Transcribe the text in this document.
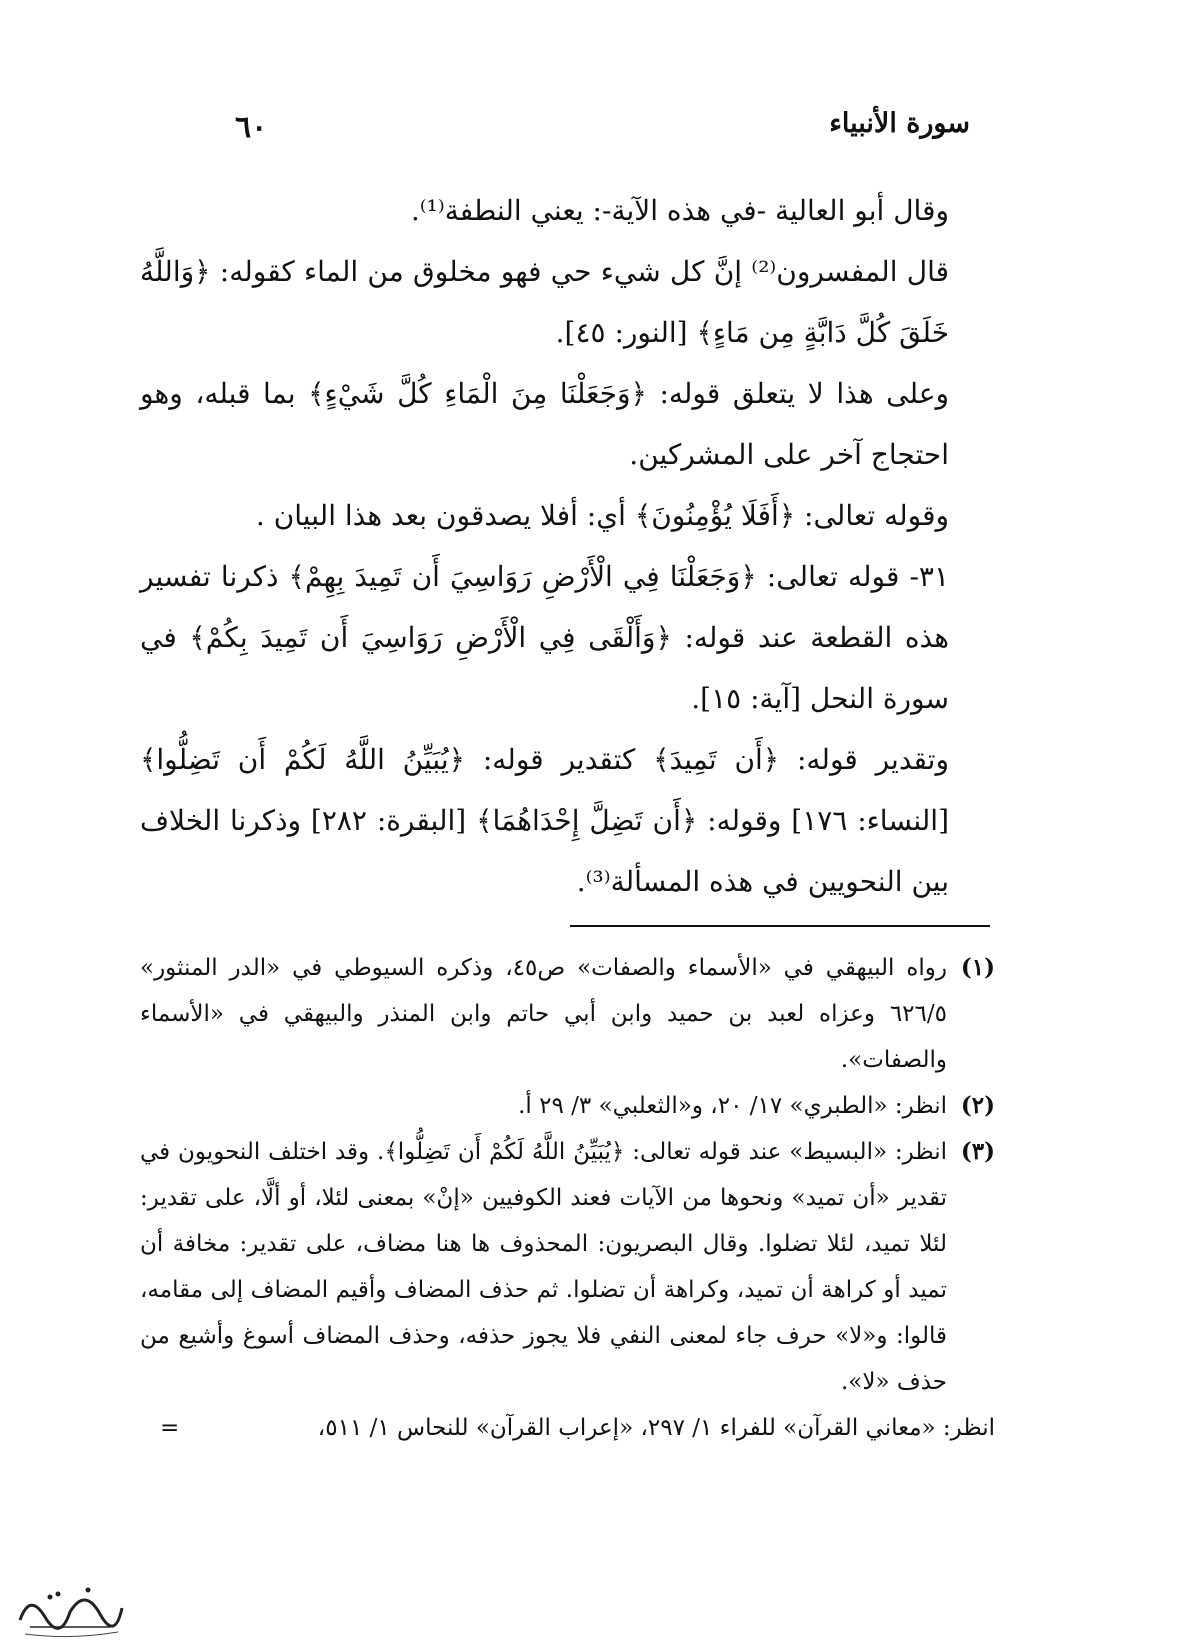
سورة الأنبياء
٦٠

وقال أبو العالية -في هذه الآية-: يعني النطفة⁽¹⁾.

قال المفسرون⁽²⁾ إنَّ كل شيء حي فهو مخلوق من الماء كقوله: ﴿وَاللَّهُ خَلَقَ كُلَّ دَابَّةٍ مِن مَاءٍ﴾ [النور: ٤٥].

وعلى هذا لا يتعلق قوله: ﴿وَجَعَلْنَا مِنَ الْمَاءِ كُلَّ شَيْءٍ﴾ بما قبله، وهو احتجاج آخر على المشركين.

وقوله تعالى: ﴿أَفَلَا يُؤْمِنُونَ﴾ أي: أفلا يصدقون بعد هذا البيان .

٣١- قوله تعالى: ﴿وَجَعَلْنَا فِي الْأَرْضِ رَوَاسِيَ أَن تَمِيدَ بِهِمْ﴾ ذكرنا تفسير هذه القطعة عند قوله: ﴿وَأَلْقَى فِي الْأَرْضِ رَوَاسِيَ أَن تَمِيدَ بِكُمْ﴾ في سورة النحل [آية: ١٥].

وتقدير قوله: ﴿أَن تَمِيدَ﴾ كتقدير قوله: ﴿يُبَيِّنُ اللَّهُ لَكُمْ أَن تَضِلُّوا﴾ [النساء: ١٧٦] وقوله: ﴿أَن تَضِلَّ إِحْدَاهُمَا﴾ [البقرة: ٢٨٢] وذكرنا الخلاف بين النحويين في هذه المسألة⁽³⁾.

(١)
رواه البيهقي في «الأسماء والصفات» ص٤٥، وذكره السيوطي في «الدر المنثور» ٦٢٦/٥ وعزاه لعبد بن حميد وابن أبي حاتم وابن المنذر والبيهقي في «الأسماء والصفات».

(٢)
انظر: «الطبري» ١٧/ ٢٠، و«الثعلبي» ٣/ ٢٩ أ.

(٣)
انظر: «البسيط» عند قوله تعالى: ﴿يُبَيِّنُ اللَّهُ لَكُمْ أَن تَضِلُّوا﴾. وقد اختلف النحويون في تقدير «أن تميد» ونحوها من الآيات فعند الكوفيين «إنْ» بمعنى لئلا، أو ألَّا، على تقدير: لئلا تميد، لئلا تضلوا. وقال البصريون: المحذوف ها هنا مضاف، على تقدير: مخافة أن تميد أو كراهة أن تميد، وكراهة أن تضلوا. ثم حذف المضاف وأقيم المضاف إلى مقامه، قالوا: و«لا» حرف جاء لمعنى النفي فلا يجوز حذفه، وحذف المضاف أسوغ وأشيع من حذف «لا».

انظر: «معاني القرآن» للفراء ١/ ٢٩٧، «إعراب القرآن» للنحاس ١/ ٥١١،
=
